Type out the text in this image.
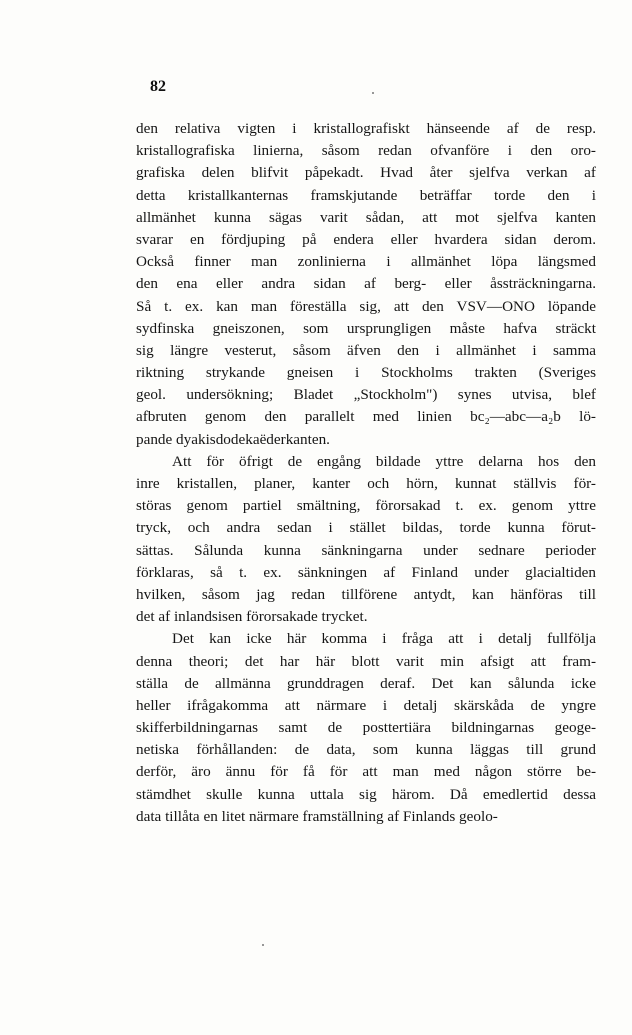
82
den relativa vigten i kristallografiskt hänseende af de resp.
kristallografiska linierna, såsom redan ofvanföre i den oro-
grafiska delen blifvit påpekadt. Hvad åter sjelfva verkan af
detta kristallkanternas framskjutande beträffar torde den i
allmänhet kunna sägas varit sådan, att mot sjelfva kanten
svarar en fördjuping på endera eller hvardera sidan derom.
Också finner man zonlinierna i allmänhet löpa längsmed
den ena eller andra sidan af berg- eller åssträckningarna.
Så t. ex. kan man föreställa sig, att den VSV—ONO löpande
sydfinska gneiszonen, som ursprungligen måste hafva sträckt
sig längre vesterut, såsom äfven den i allmänhet i samma
riktning strykande gneisen i Stockholms trakten (Sveriges
geol. undersökning; Bladet „Stockholm") synes utvisa, blef
afbruten genom den parallelt med linien bc₂—abc—a₂b lö-
pande dyakisdodekaëderkanten.
Att för öfrigt de engång bildade yttre delarna hos den
inre kristallen, planer, kanter och hörn, kunnat ställvis för-
störas genom partiel smältning, förorsakad t. ex. genom yttre
tryck, och andra sedan i stället bildas, torde kunna förut-
sättas. Sålunda kunna sänkningarna under sednare perioder
förklaras, så t. ex. sänkningen af Finland under glacialtiden
hvilken, såsom jag redan tillförene antydt, kan hänföras till
det af inlandsisen förorsakade trycket.
Det kan icke här komma i fråga att i detalj fullfölja
denna theori; det har här blott varit min afsigt att fram-
ställa de allmänna grunddragen deraf. Det kan sålunda icke
heller ifrågakomma att närmare i detalj skärskåda de yngre
skifferbildningarnas samt de posttertiära bildningarnas geoge-
netiska förhållanden: de data, som kunna läggas till grund
derför, äro ännu för få för att man med någon större be-
stämdhet skulle kunna uttala sig härom. Då emedlertid dessa
data tillåta en litet närmare framställning af Finlands geolo-
